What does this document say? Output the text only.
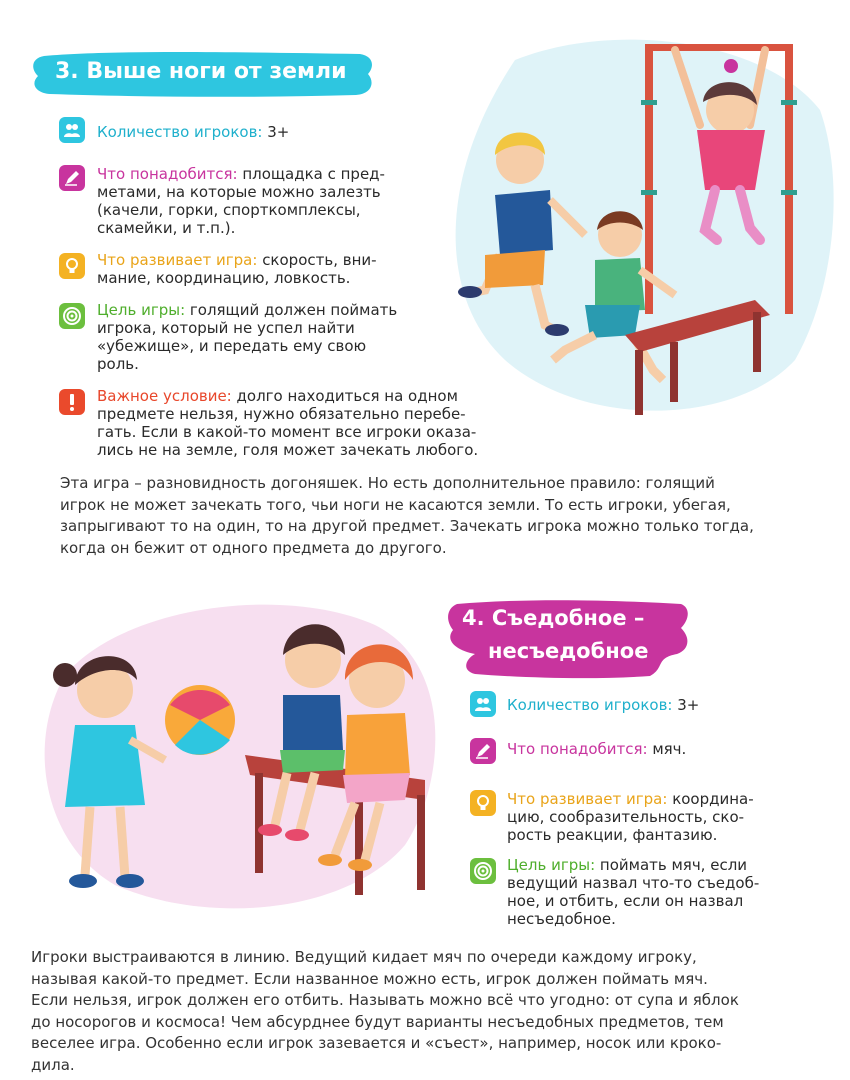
3. Выше ноги от земли
Количество игроков: 3+
Что понадобится: площадка с пред-
метами, на которые можно залезть
(качели, горки, спорткомплексы,
скамейки, и т.п.).
Что развивает игра: скорость, вни-
мание, координацию, ловкость.
Цель игры: голящий должен поймать
игрока, который не успел найти
«убежище», и передать ему свою
роль.
Важное условие: долго находиться на одном
предмете нельзя, нужно обязательно перебе-
гать. Если в какой-то момент все игроки оказа-
лись не на земле, голя может зачекать любого.
Эта игра – разновидность догоняшек. Но есть дополнительное правило: голящий
игрок не может зачекать того, чьи ноги не касаются земли. То есть игроки, убегая,
запрыгивают то на один, то на другой предмет. Зачекать игрока можно только тогда,
когда он бежит от одного предмета до другого.
4. Съедобное –
несъедобное
Количество игроков: 3+
Что понадобится: мяч.
Что развивает игра: координа-
цию, сообразительность, ско-
рость реакции, фантазию.
Цель игры: поймать мяч, если
ведущий назвал что-то съедоб-
ное, и отбить, если он назвал
несъедобное.
Игроки выстраиваются в линию. Ведущий кидает мяч по очереди каждому игроку,
называя какой-то предмет. Если названное можно есть, игрок должен поймать мяч.
Если нельзя, игрок должен его отбить. Называть можно всё что угодно: от супа и яблок
до носорогов и космоса! Чем абсурднее будут варианты несъедобных предметов, тем
веселее игра. Особенно если игрок зазевается и «съест», например, носок или кроко-
дила.
